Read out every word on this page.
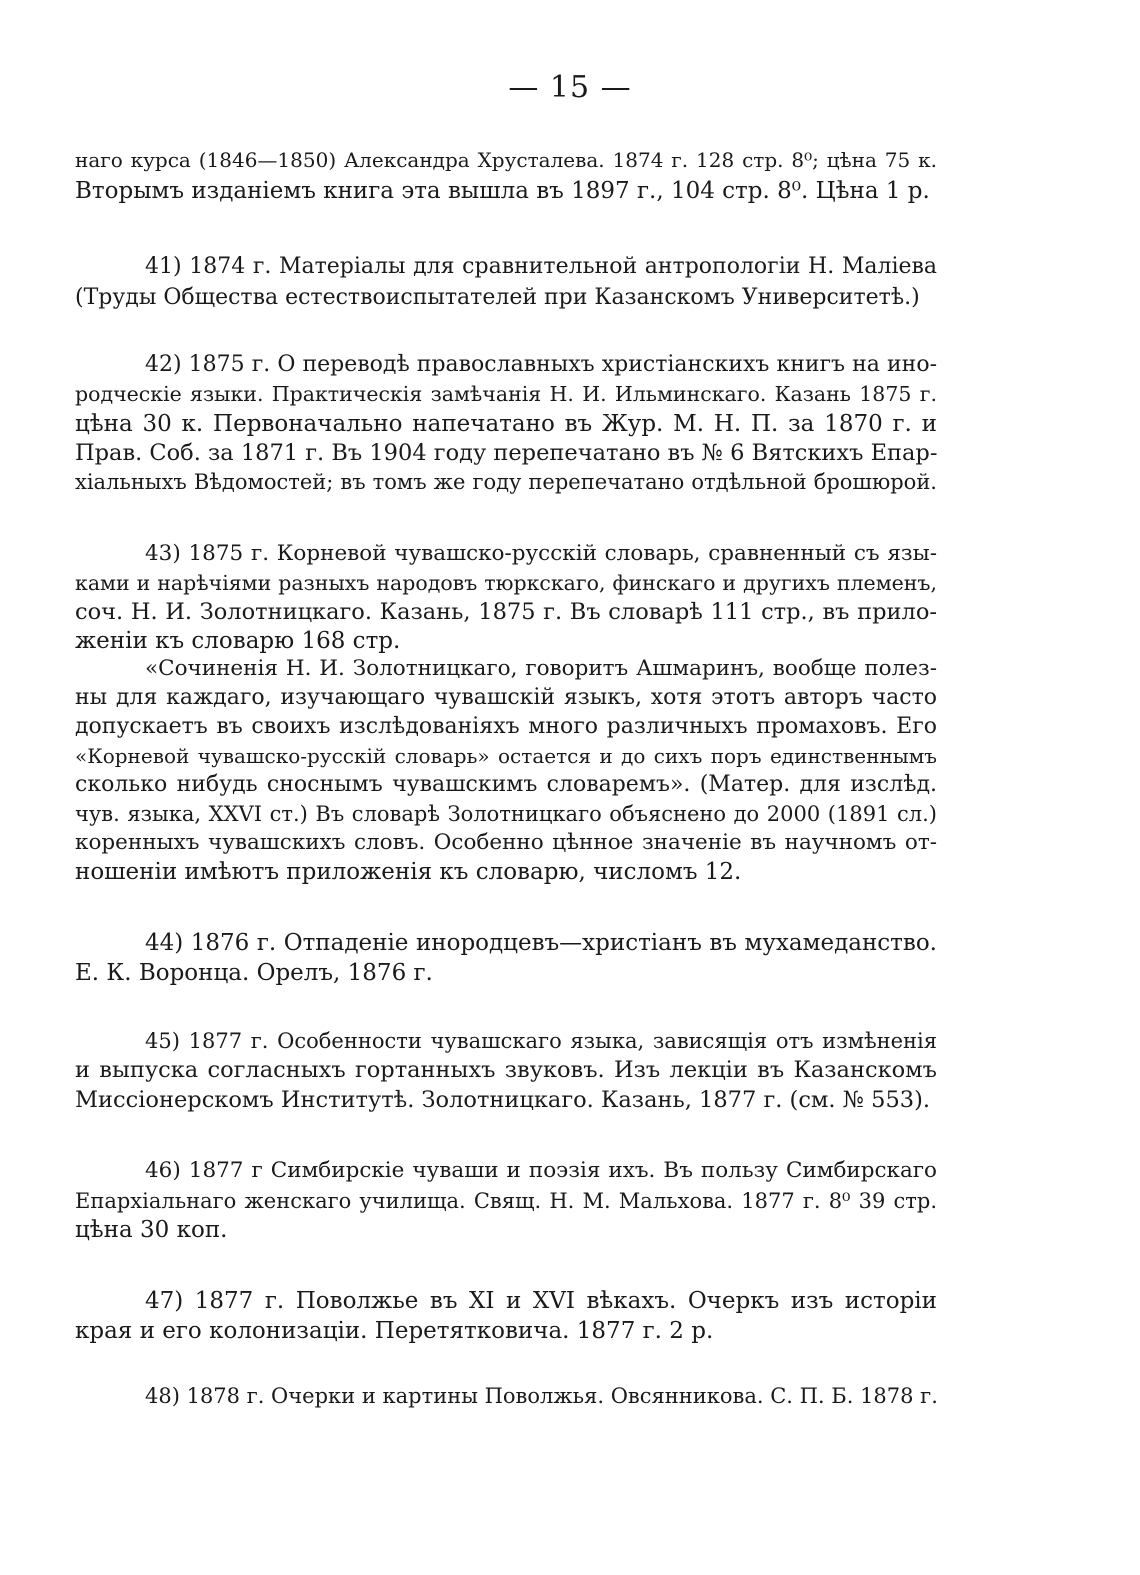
— 15 —
наго курса (1846—1850) Александра Хрусталева. 1874 г. 128 стр. 8⁰; цѣна 75 к.
Вторымъ изданіемъ книга эта вышла въ 1897 г., 104 стр. 8⁰. Цѣна 1 р.
41) 1874 г. Матеріалы для сравнительной антропологіи Н. Маліева
(Труды Общества естествоиспытателей при Казанскомъ Университетѣ.)
42) 1875 г. О переводѣ православныхъ христіанскихъ книгъ на ино-
родческіе языки. Практическія замѣчанія Н. И. Ильминскаго. Казань 1875 г.
цѣна 30 к. Первоначально напечатано въ Жур. М. Н. П. за 1870 г. и
Прав. Соб. за 1871 г. Въ 1904 году перепечатано въ № 6 Вятскихъ Епар-
хіальныхъ Вѣдомостей; въ томъ же году перепечатано отдѣльной брошюрой.
43) 1875 г. Корневой чувашско-русскій словарь, сравненный съ язы-
ками и нарѣчіями разныхъ народовъ тюркскаго, финскаго и другихъ племенъ,
соч. Н. И. Золотницкаго. Казань, 1875 г. Въ словарѣ 111 стр., въ прило-
женіи къ словарю 168 стр.
«Сочиненія Н. И. Золотницкаго, говоритъ Ашмаринъ, вообще полез-
ны для каждаго, изучающаго чувашскій языкъ, хотя этотъ авторъ часто
допускаетъ въ своихъ изслѣдованіяхъ много различныхъ промаховъ. Его
«Корневой чувашско-русскій словарь» остается и до сихъ поръ единственнымъ
сколько нибудь сноснымъ чувашскимъ словаремъ». (Матер. для изслѣд.
чув. языка, XXVI ст.) Въ словарѣ Золотницкаго объяснено до 2000 (1891 сл.)
коренныхъ чувашскихъ словъ. Особенно цѣнное значеніе въ научномъ от-
ношеніи имѣютъ приложенія къ словарю, числомъ 12.
44) 1876 г. Отпаденіе инородцевъ—христіанъ въ мухамеданство.
Е. К. Воронца. Орелъ, 1876 г.
45) 1877 г. Особенности чувашскаго языка, зависящія отъ измѣненія
и выпуска согласныхъ гортанныхъ звуковъ. Изъ лекціи въ Казанскомъ
Миссіонерскомъ Институтѣ. Золотницкаго. Казань, 1877 г. (см. № 553).
46) 1877 г Симбирскіе чуваши и поэзія ихъ. Въ пользу Симбирскаго
Епархіальнаго женскаго училища. Свящ. Н. М. Мальхова. 1877 г. 8⁰ 39 стр.
цѣна 30 коп.
47) 1877 г. Поволжье въ XI и XVI вѣкахъ. Очеркъ изъ исторіи
края и его колонизаціи. Перетятковича. 1877 г. 2 р.
48) 1878 г. Очерки и картины Поволжья. Овсянникова. С. П. Б. 1878 г.
